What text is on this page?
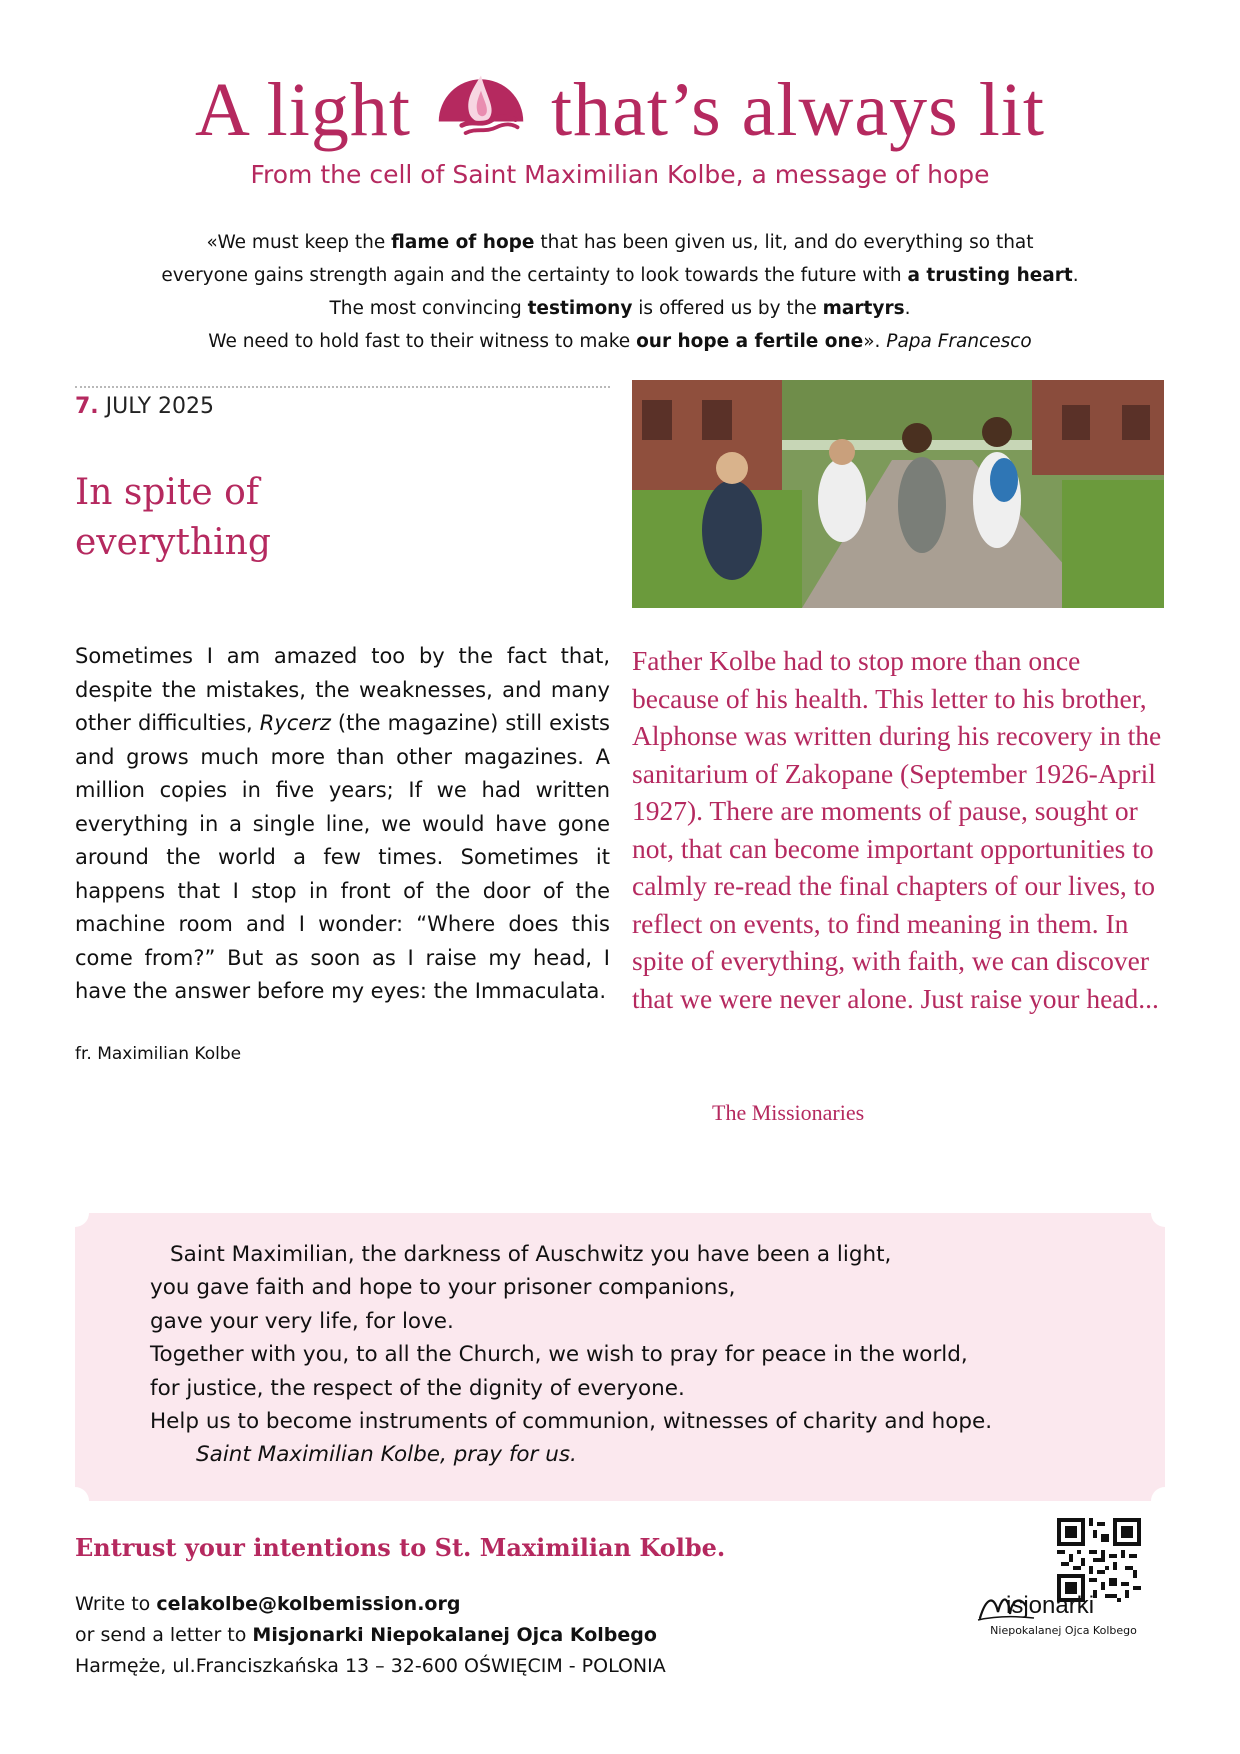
A light that’s always lit
From the cell of Saint Maximilian Kolbe, a message of hope
«We must keep the flame of hope that has been given us, lit, and do everything so that
everyone gains strength again and the certainty to look towards the future with a trusting heart.
The most convincing testimony is offered us by the martyrs.
We need to hold fast to their witness to make our hope a fertile one». Papa Francesco
7. JULY 2025
In spite of
everything
Sometimes I am amazed too by the fact that, despite the mistakes, the weaknesses, and many other difficulties, Rycerz (the magazine) still exists and grows much more than other magazines. A million copies in five years; If we had written everything in a single line, we would have gone around the world a few times. Sometimes it happens that I stop in front of the door of the machine room and I wonder: “Where does this come from?” But as soon as I raise my head, I have the answer before my eyes: the Immaculata.
fr. Maximilian Kolbe
Father Kolbe had to stop more than once because of his health. This letter to his brother, Alphonse was written during his recovery in the sanitarium of Zakopane (September 1926-April 1927). There are moments of pause, sought or not, that can become important opportunities to calmly re-read the final chapters of our lives, to reflect on events, to find meaning in them. In spite of everything, with faith, we can discover that we were never alone. Just raise your head...
The Missionaries
Saint Maximilian, the darkness of Auschwitz you have been a light,
you gave faith and hope to your prisoner companions,
gave your very life, for love.
Together with you, to all the Church, we wish to pray for peace in the world,
for justice, the respect of the dignity of everyone.
Help us to become instruments of communion, witnesses of charity and hope.
Saint Maximilian Kolbe, pray for us.
Entrust your intentions to St. Maximilian Kolbe.
Write to celakolbe@kolbemission.org
or send a letter to Misjonarki Niepokalanej Ojca Kolbego
Harmęże, ul.Franciszkańska 13 – 32-600 OŚWIĘCIM - POLONIA
isjonarki
Niepokalanej Ojca Kolbego
